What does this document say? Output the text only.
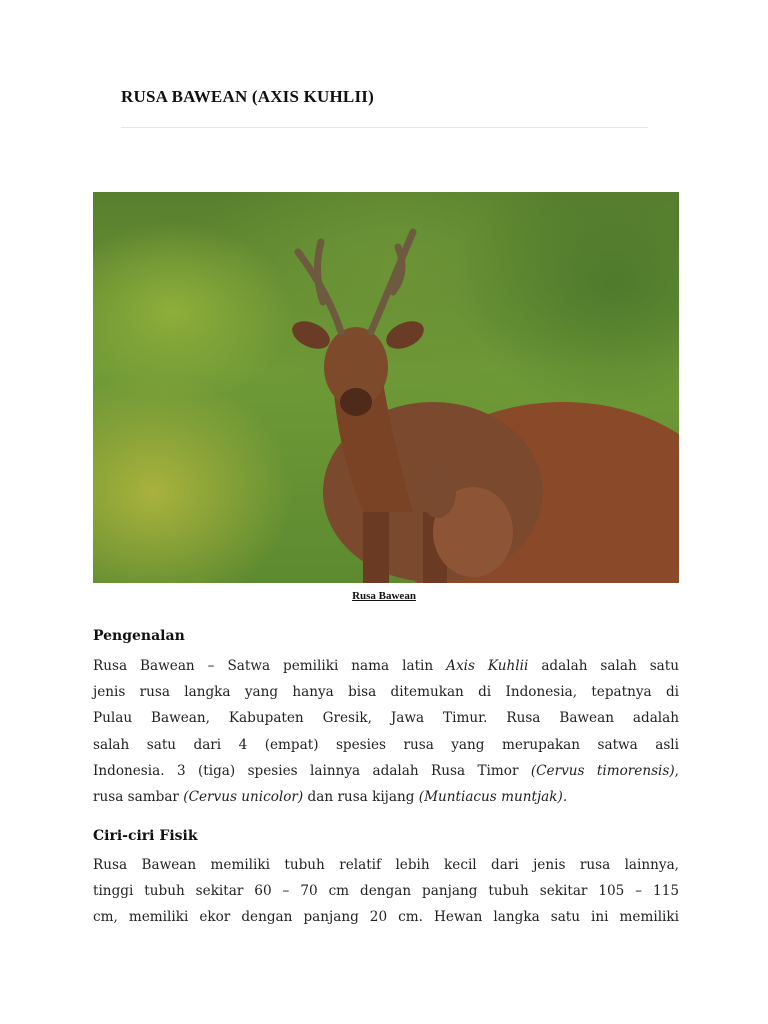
RUSA BAWEAN (AXIS KUHLII)
Rusa Bawean
Pengenalan
Rusa Bawean – Satwa pemiliki nama latin Axis Kuhlii adalah salah satu
jenis rusa langka yang hanya bisa ditemukan di Indonesia, tepatnya di
Pulau Bawean, Kabupaten Gresik, Jawa Timur. Rusa Bawean adalah
salah satu dari 4 (empat) spesies rusa yang merupakan satwa asli
Indonesia. 3 (tiga) spesies lainnya adalah Rusa Timor (Cervus timorensis),
rusa sambar (Cervus unicolor) dan rusa kijang (Muntiacus muntjak).
Ciri-ciri Fisik
Rusa Bawean memiliki tubuh relatif lebih kecil dari jenis rusa lainnya,
tinggi tubuh sekitar 60 – 70 cm dengan panjang tubuh sekitar 105 – 115
cm, memiliki ekor dengan panjang 20 cm. Hewan langka satu ini memiliki
